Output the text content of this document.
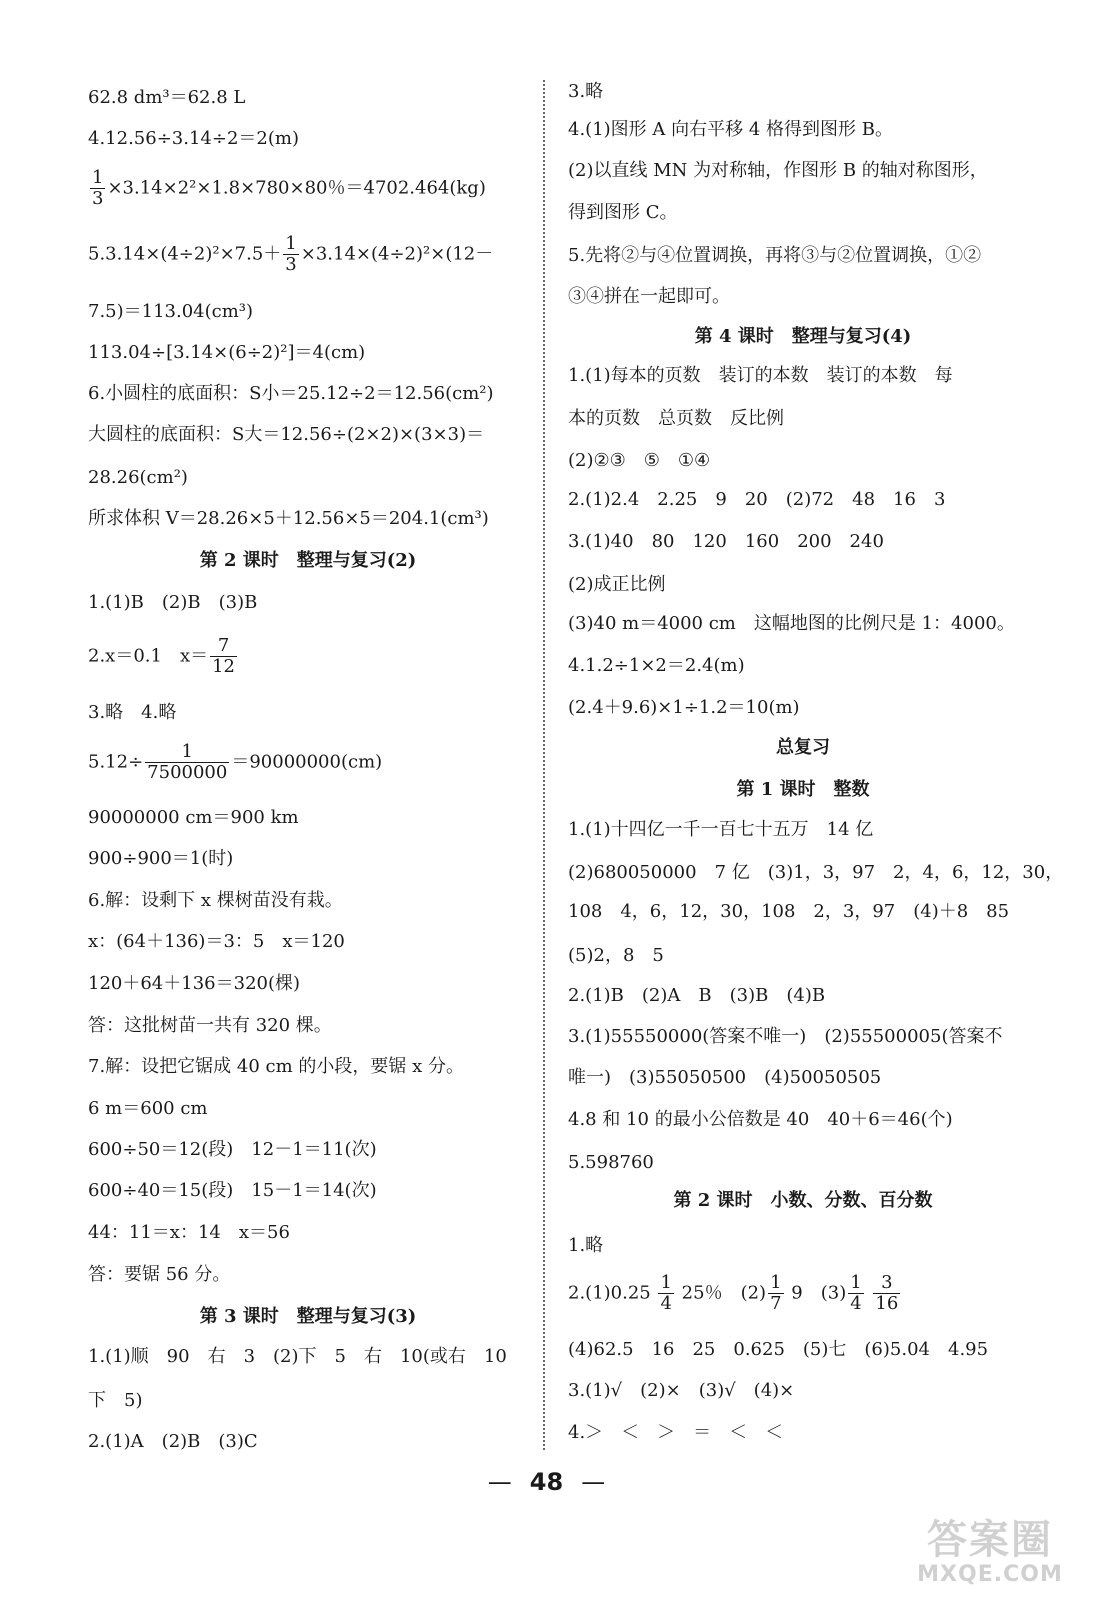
62.8 dm³＝62.8 L
4.12.56÷3.14÷2＝2(m)
$\frac{1}{3} \times 3.14\times 2^2\times 1.8\times 780\times 80$％＝4702.464(kg)
$5.3.14\times(4\div 2)^2\times 7.5+ \frac{1}{3} \times 3.14\times(4\div 2)^2\times(12-$
7.5)＝113.04(cm³)
113.04÷[3.14×(6÷2)²]＝4(cm)
6.小圆柱的底面积：S小＝25.12÷2＝12.56(cm²)
大圆柱的底面积：S大＝12.56÷(2×2)×(3×3)＝
28.26(cm²)
所求体积 V＝28.26×5＋12.56×5＝204.1(cm³)
第 2 课时　整理与复习(2)
1.(1)B　(2)B　(3)B
2.x＝0.1　$x= \frac{7}{12}$
3.略　4.略
$5.12\div \frac{1}{7500000} =90000000(cm)$
90000000 cm＝900 km
900÷900＝1(时)
6.解：设剩下 x 棵树苗没有栽。
x：(64＋136)＝3：5　x＝120
120＋64＋136＝320(棵)
答：这批树苗一共有 320 棵。
7.解：设把它锯成 40 cm 的小段，要锯 x 分。
6 m＝600 cm
600÷50＝12(段)　12－1＝11(次)
600÷40＝15(段)　15－1＝14(次)
44：11＝x：14　x＝56
答：要锯 56 分。
第 3 课时　整理与复习(3)
1.(1)顺　90　右　3　(2)下　5　右　10(或右　10
下　5)
2.(1)A　(2)B　(3)C
3.略
4.(1)图形 A 向右平移 4 格得到图形 B。
(2)以直线 MN 为对称轴，作图形 B 的轴对称图形，
得到图形 C。
5.先将②与④位置调换，再将③与②位置调换，①②
③④拼在一起即可。
第 4 课时　整理与复习(4)
1.(1)每本的页数　装订的本数　装订的本数　每
本的页数　总页数　反比例
(2)②③　⑤　①④
2.(1)2.4　2.25　9　20　(2)72　48　16　3
3.(1)40　80　120　160　200　240
(2)成正比例
(3)40 m＝4000 cm　这幅地图的比例尺是 1：4000。
4.1.2÷1×2＝2.4(m)
(2.4＋9.6)×1÷1.2＝10(m)
总复习
第 1 课时　整数
1.(1)十四亿一千一百七十五万　14 亿
(2)680050000　7 亿　(3)1，3，97　2，4，6，12，30，
108　4，6，12，30，108　2，3，97　(4)＋8　85
(5)2，8　5
2.(1)B　(2)A　B　(3)B　(4)B
3.(1)55550000(答案不唯一)　(2)55500005(答案不
唯一)　(3)55050500　(4)50050505
4.8 和 10 的最小公倍数是 40　40＋6＝46(个)
5.598760
第 2 课时　小数、分数、百分数
1.略
$2.(1)0.25 \frac{1}{4} 25$％　$(2) \frac{1}{7} 9$　$(3) \frac{1}{4}$
$\frac{3}{16}$
(4)62.5　16　25　0.625　(5)七　(6)5.04　4.95
3.(1)√　(2)×　(3)√　(4)×
4.＞　＜　＞　＝　＜　＜
— 48 —
答案圈
MXQE.COM
